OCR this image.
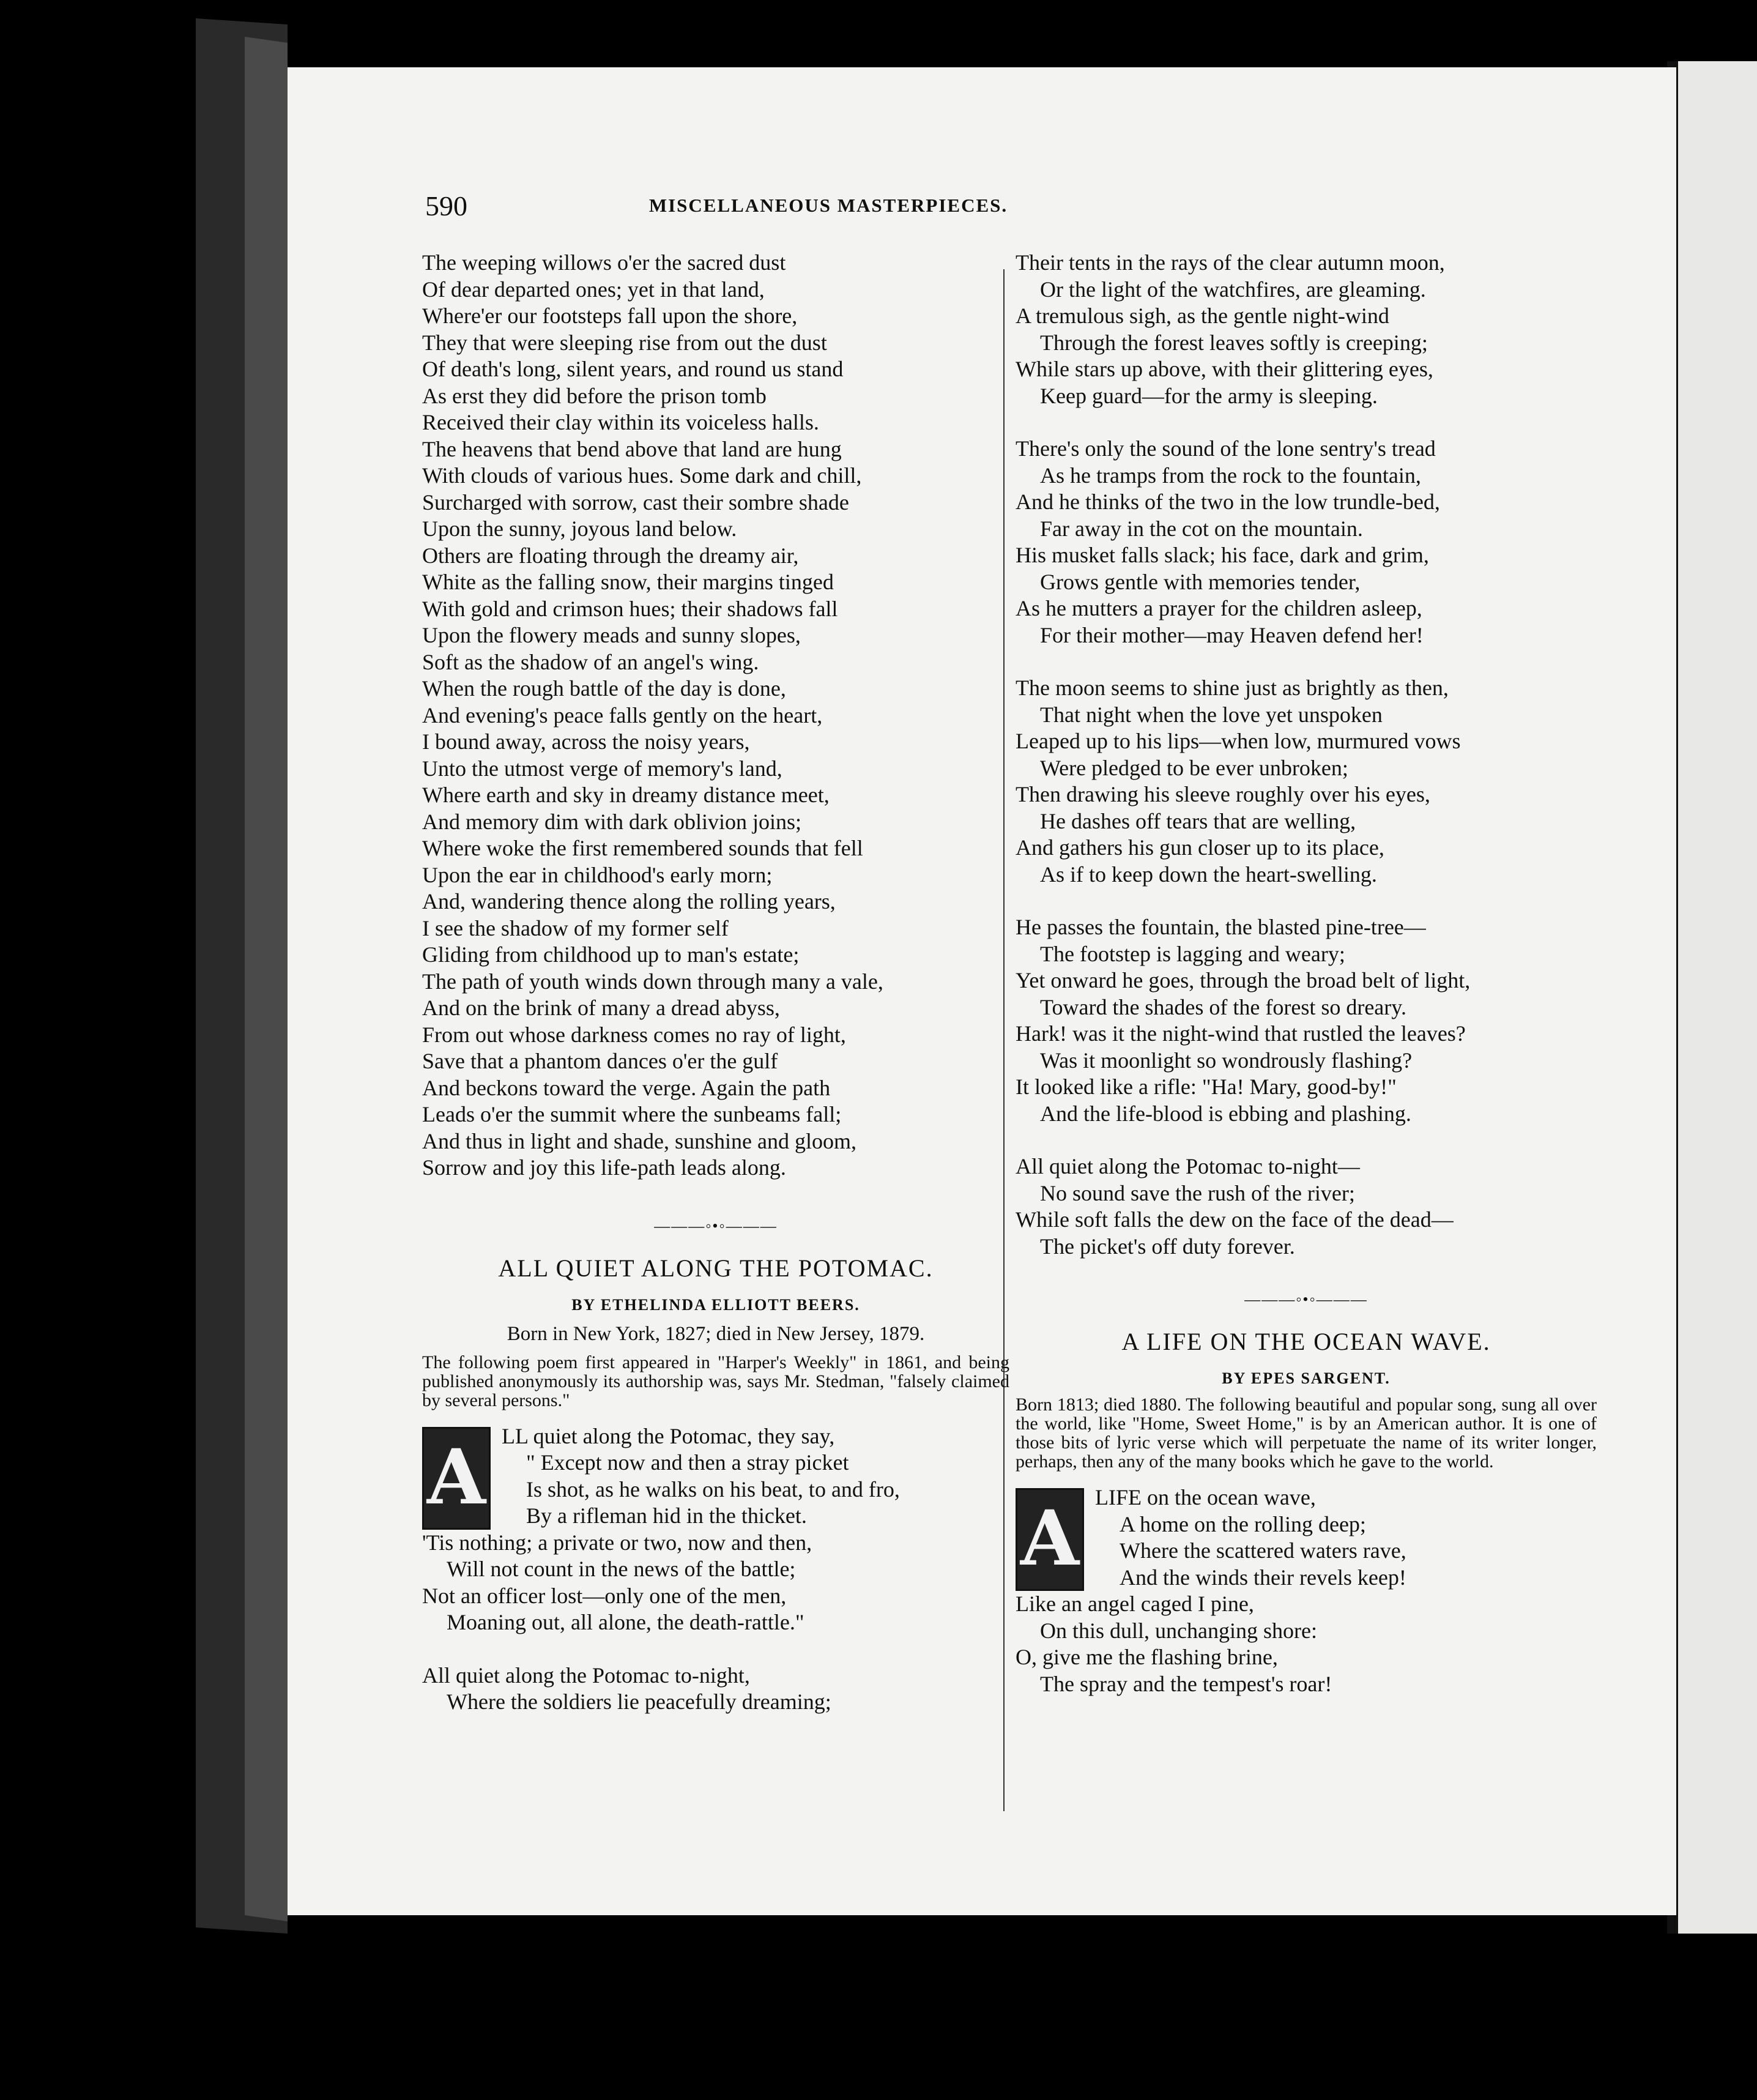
590	MISCELLANEOUS MASTERPIECES.
The weeping willows o'er the sacred dust
Of dear departed ones; yet in that land,
Where'er our footsteps fall upon the shore,
They that were sleeping rise from out the dust
Of death's long, silent years, and round us stand
As erst they did before the prison tomb
Received their clay within its voiceless halls.
The heavens that bend above that land are hung
With clouds of various hues. Some dark and chill,
Surcharged with sorrow, cast their sombre shade
Upon the sunny, joyous land below.
Others are floating through the dreamy air,
White as the falling snow, their margins tinged
With gold and crimson hues; their shadows fall
Upon the flowery meads and sunny slopes,
Soft as the shadow of an angel's wing.
When the rough battle of the day is done,
And evening's peace falls gently on the heart,
I bound away, across the noisy years,
Unto the utmost verge of memory's land,
Where earth and sky in dreamy distance meet,
And memory dim with dark oblivion joins;
Where woke the first remembered sounds that fell
Upon the ear in childhood's early morn;
And, wandering thence along the rolling years,
I see the shadow of my former self
Gliding from childhood up to man's estate;
The path of youth winds down through many a vale,
And on the brink of many a dread abyss,
From out whose darkness comes no ray of light,
Save that a phantom dances o'er the gulf
And beckons toward the verge. Again the path
Leads o'er the summit where the sunbeams fall;
And thus in light and shade, sunshine and gloom,
Sorrow and joy this life-path leads along.
———◦•◦———
ALL QUIET ALONG THE POTOMAC.
BY ETHELINDA ELLIOTT BEERS.
Born in New York, 1827; died in New Jersey, 1879.
The following poem first appeared in "Harper's Weekly" in 1861, and being published anonymously its authorship was, says Mr. Stedman, "falsely claimed by several persons."
A LL quiet along the Potomac, they say,
" Except now and then a stray picket
Is shot, as he walks on his beat, to and fro,
By a rifleman hid in the thicket.
'Tis nothing; a private or two, now and then,
Will not count in the news of the battle;
Not an officer lost—only one of the men,
Moaning out, all alone, the death-rattle."
All quiet along the Potomac to-night,
Where the soldiers lie peacefully dreaming;
Their tents in the rays of the clear autumn moon,
Or the light of the watchfires, are gleaming.
A tremulous sigh, as the gentle night-wind
Through the forest leaves softly is creeping;
While stars up above, with their glittering eyes,
Keep guard—for the army is sleeping.
There's only the sound of the lone sentry's tread
As he tramps from the rock to the fountain,
And he thinks of the two in the low trundle-bed,
Far away in the cot on the mountain.
His musket falls slack; his face, dark and grim,
Grows gentle with memories tender,
As he mutters a prayer for the children asleep,
For their mother—may Heaven defend her!
The moon seems to shine just as brightly as then,
That night when the love yet unspoken
Leaped up to his lips—when low, murmured vows
Were pledged to be ever unbroken;
Then drawing his sleeve roughly over his eyes,
He dashes off tears that are welling,
And gathers his gun closer up to its place,
As if to keep down the heart-swelling.
He passes the fountain, the blasted pine-tree—
The footstep is lagging and weary;
Yet onward he goes, through the broad belt of light,
Toward the shades of the forest so dreary.
Hark! was it the night-wind that rustled the leaves?
Was it moonlight so wondrously flashing?
It looked like a rifle: "Ha! Mary, good-by!"
And the life-blood is ebbing and plashing.
All quiet along the Potomac to-night—
No sound save the rush of the river;
While soft falls the dew on the face of the dead—
The picket's off duty forever.
———◦•◦———
A LIFE ON THE OCEAN WAVE.
BY EPES SARGENT.
Born 1813; died 1880. The following beautiful and popular song, sung all over the world, like "Home, Sweet Home," is by an American author. It is one of those bits of lyric verse which will perpetuate the name of its writer longer, perhaps, then any of the many books which he gave to the world.
A LIFE on the ocean wave,
A home on the rolling deep;
Where the scattered waters rave,
And the winds their revels keep!
Like an angel caged I pine,
On this dull, unchanging shore:
O, give me the flashing brine,
The spray and the tempest's roar!
